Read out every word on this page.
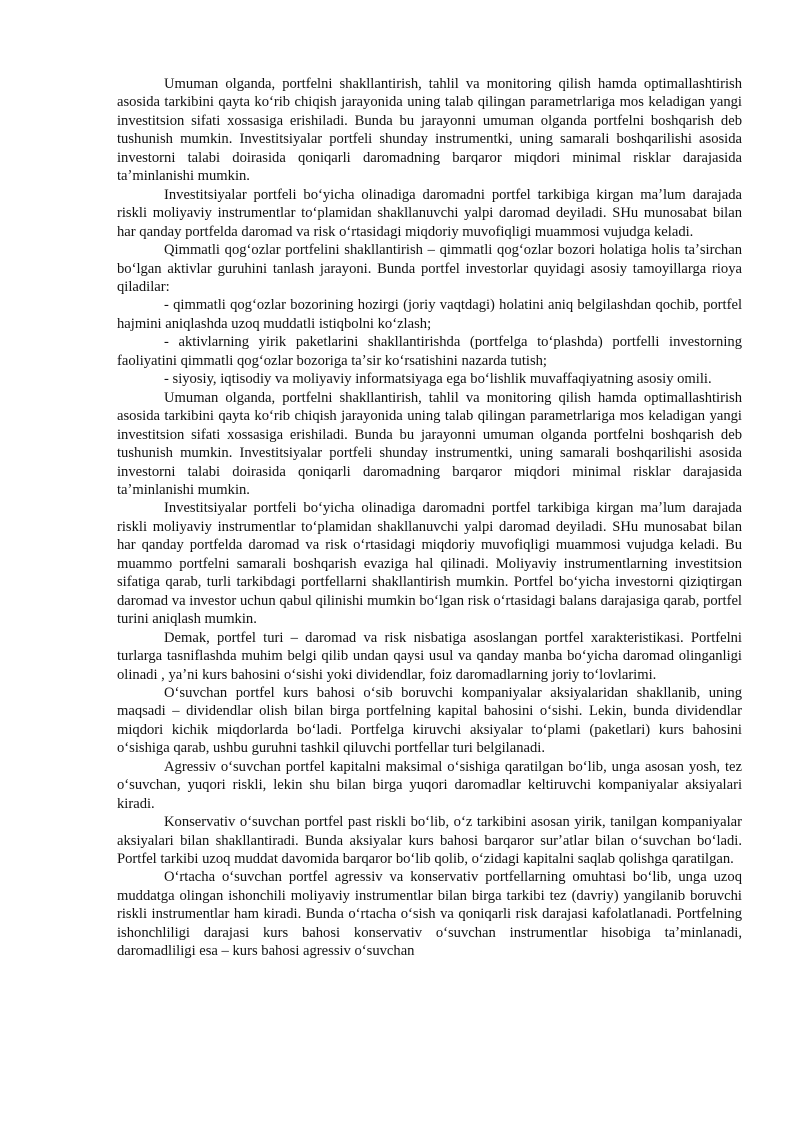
Umuman olganda, portfelni shakllantirish, tahlil va monitoring qilish hamda optimallashtirish asosida tarkibini qayta koʻrib chiqish jarayonida uning talab qilingan parametrlariga mos keladigan yangi investitsion sifati xossasiga erishiladi. Bunda bu jarayonni umuman olganda portfelni boshqarish deb tushunish mumkin. Investitsiyalar portfeli shunday instrumentki, uning samarali boshqarilishi asosida investorni talabi doirasida qoniqarli daromadning barqaror miqdori minimal risklar darajasida taʼminlanishi mumkin.

Investitsiyalar portfeli boʻyicha olinadiga daromadni portfel tarkibiga kirgan maʼlum darajada riskli moliyaviy instrumentlar toʻplamidan shakllanuvchi yalpi daromad deyiladi. SHu munosabat bilan har qanday portfelda daromad va risk oʻrtasidagi miqdoriy muvofiqligi muammosi vujudga keladi.

Qimmatli qogʻozlar portfelini shakllantirish – qimmatli qogʻozlar bozori holatiga holis taʼsirchan boʻlgan aktivlar guruhini tanlash jarayoni. Bunda portfel investorlar quyidagi asosiy tamoyillarga rioya qiladilar:

- qimmatli qogʻozlar bozorining hozirgi (joriy vaqtdagi) holatini aniq belgilashdan qochib, portfel hajmini aniqlashda uzoq muddatli istiqbolni koʻzlash;

- aktivlarning yirik paketlarini shakllantirishda (portfelga toʻplashda) portfelli investorning faoliyatini qimmatli qogʻozlar bozoriga taʼsir koʻrsatishini nazarda tutish;

- siyosiy, iqtisodiy va moliyaviy informatsiyaga ega boʻlishlik muvaffaqiyatning asosiy omili.

Umuman olganda, portfelni shakllantirish, tahlil va monitoring qilish hamda optimallashtirish asosida tarkibini qayta koʻrib chiqish jarayonida uning talab qilingan parametrlariga mos keladigan yangi investitsion sifati xossasiga erishiladi. Bunda bu jarayonni umuman olganda portfelni boshqarish deb tushunish mumkin. Investitsiyalar portfeli shunday instrumentki, uning samarali boshqarilishi asosida investorni talabi doirasida qoniqarli daromadning barqaror miqdori minimal risklar darajasida taʼminlanishi mumkin.

Investitsiyalar portfeli boʻyicha olinadiga daromadni portfel tarkibiga kirgan maʼlum darajada riskli moliyaviy instrumentlar toʻplamidan shakllanuvchi yalpi daromad deyiladi. SHu munosabat bilan har qanday portfelda daromad va risk oʻrtasidagi miqdoriy muvofiqligi muammosi vujudga keladi. Bu muammo portfelni samarali boshqarish evaziga hal qilinadi. Moliyaviy instrumentlarning investitsion sifatiga qarab, turli tarkibdagi portfellarni shakllantirish mumkin. Portfel boʻyicha investorni qiziqtirgan daromad va investor uchun qabul qilinishi mumkin boʻlgan risk oʻrtasidagi balans darajasiga qarab, portfel turini aniqlash mumkin.

Demak, portfel turi – daromad va risk nisbatiga asoslangan portfel xarakteristikasi. Portfelni turlarga tasniflashda muhim belgi qilib undan qaysi usul va qanday manba boʻyicha daromad olinganligi olinadi , yaʼni kurs bahosini oʻsishi yoki dividendlar, foiz daromadlarning joriy toʻlovlarimi.

Oʻsuvchan portfel kurs bahosi oʻsib boruvchi kompaniyalar aksiyalaridan shakllanib, uning maqsadi – dividendlar olish bilan birga portfelning kapital bahosini oʻsishi. Lekin, bunda dividendlar miqdori kichik miqdorlarda boʻladi. Portfelga kiruvchi aksiyalar toʻplami (paketlari) kurs bahosini oʻsishiga qarab, ushbu guruhni tashkil qiluvchi portfellar turi belgilanadi.

Agressiv oʻsuvchan portfel kapitalni maksimal oʻsishiga qaratilgan boʻlib, unga asosan yosh, tez oʻsuvchan, yuqori riskli, lekin shu bilan birga yuqori daromadlar keltiruvchi kompaniyalar aksiyalari kiradi.

Konservativ oʻsuvchan portfel past riskli boʻlib, oʻz tarkibini asosan yirik, tanilgan kompaniyalar aksiyalari bilan shakllantiradi. Bunda aksiyalar kurs bahosi barqaror surʼatlar bilan oʻsuvchan boʻladi. Portfel tarkibi uzoq muddat davomida barqaror boʻlib qolib, oʻzidagi kapitalni saqlab qolishga qaratilgan.

Oʻrtacha oʻsuvchan portfel agressiv va konservativ portfellarning omuhtasi boʻlib, unga uzoq muddatga olingan ishonchili moliyaviy instrumentlar bilan birga tarkibi tez (davriy) yangilanib boruvchi riskli instrumentlar ham kiradi. Bunda oʻrtacha oʻsish va qoniqarli risk darajasi kafolatlanadi. Portfelning ishonchliligi darajasi kurs bahosi konservativ oʻsuvchan instrumentlar hisobiga taʼminlanadi, daromadliligi esa – kurs bahosi agressiv oʻsuvchan
